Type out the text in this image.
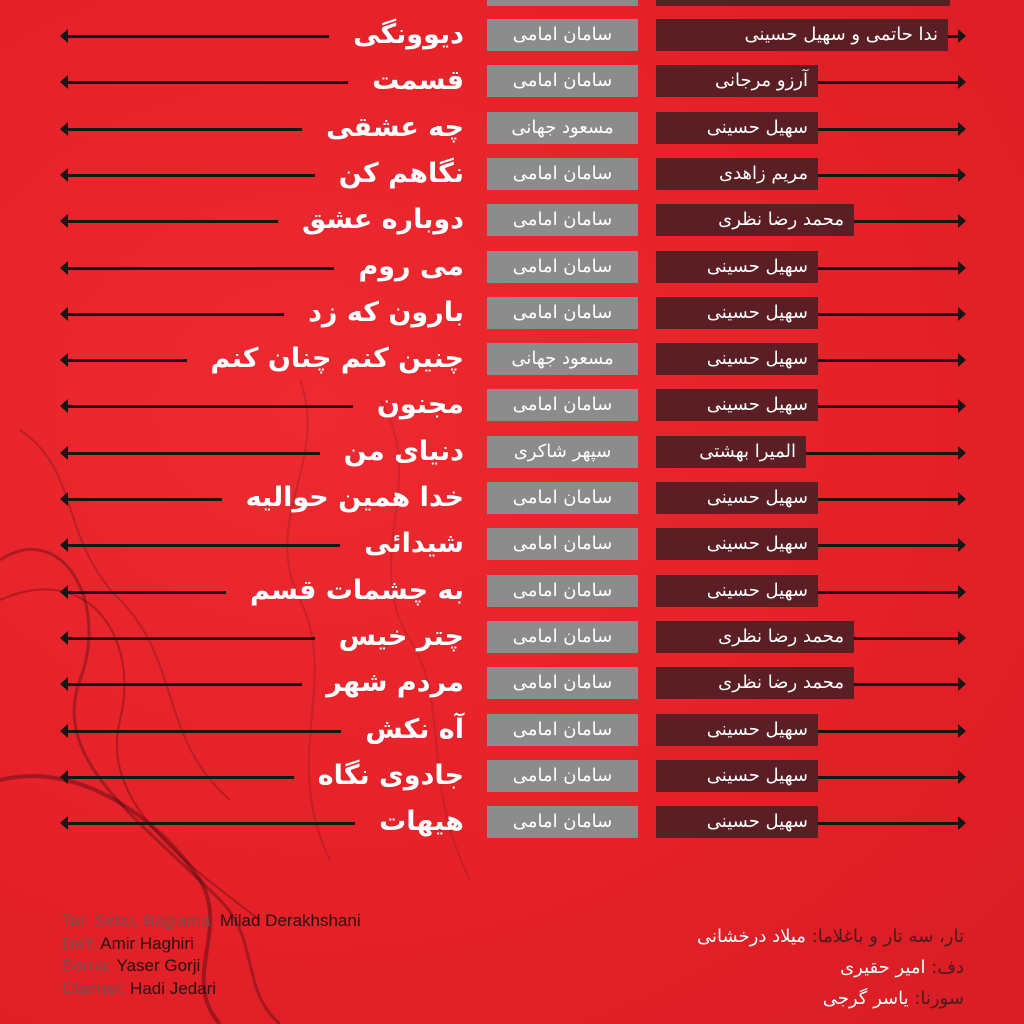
دیوونگی	سامان امامی	ندا حاتمی و سهیل حسینی
قسمت	سامان امامی	آرزو مرجانی
چه عشقی	مسعود جهانی	سهیل حسینی
نگاهم کن	سامان امامی	مریم زاهدی
دوباره عشق	سامان امامی	محمد رضا نظری
می روم	سامان امامی	سهیل حسینی
بارون که زد	سامان امامی	سهیل حسینی
چنین کنم چنان کنم	مسعود جهانی	سهیل حسینی
مجنون	سامان امامی	سهیل حسینی
دنیای من	سپهر شاکری	المیرا بهشتی
خدا همین حوالیه	سامان امامی	سهیل حسینی
شیدائی	سامان امامی	سهیل حسینی
به چشمات قسم	سامان امامی	سهیل حسینی
چتر خیس	سامان امامی	محمد رضا نظری
مردم شهر	سامان امامی	محمد رضا نظری
آه نکش	سامان امامی	سهیل حسینی
جادوی نگاه	سامان امامی	سهیل حسینی
هیهات	سامان امامی	سهیل حسینی
Tar, Setar, Baglama: Milad Derakhshani
Da'f: Amir Haghiri
Sorna: Yaser Gorji
Clarinet: Hadi Jedari
تار، سه تار و باغلاما: میلاد درخشانی
دف: امیر حقیری
سورنا: یاسر گرجی
